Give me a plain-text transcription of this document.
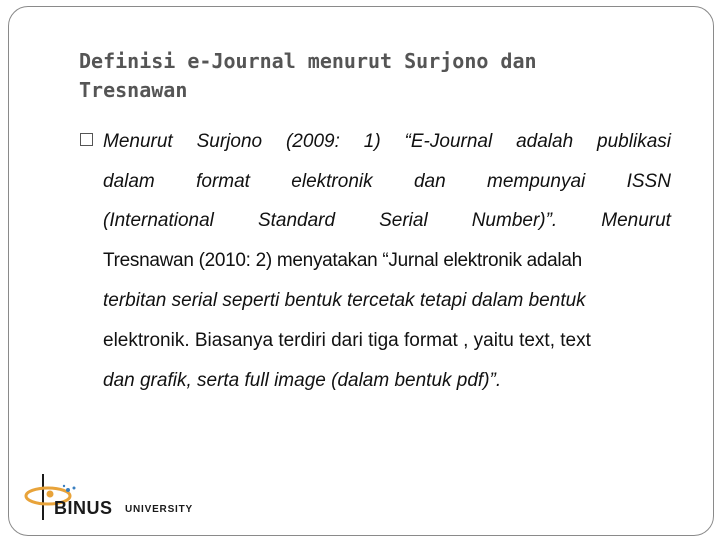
Definisi e-Journal menurut Surjono dan Tresnawan
Menurut Surjono (2009: 1) “E-Journal adalah publikasi
dalam format elektronik dan mempunyai ISSN
(International Standard Serial Number)”. Menurut
Tresnawan (2010: 2) menyatakan “Jurnal elektronik adalah
terbitan serial seperti bentuk tercetak tetapi dalam bentuk
elektronik. Biasanya terdiri dari tiga format , yaitu text, text
dan grafik, serta full image (dalam bentuk pdf)”.
BINUS UNIVERSITY
